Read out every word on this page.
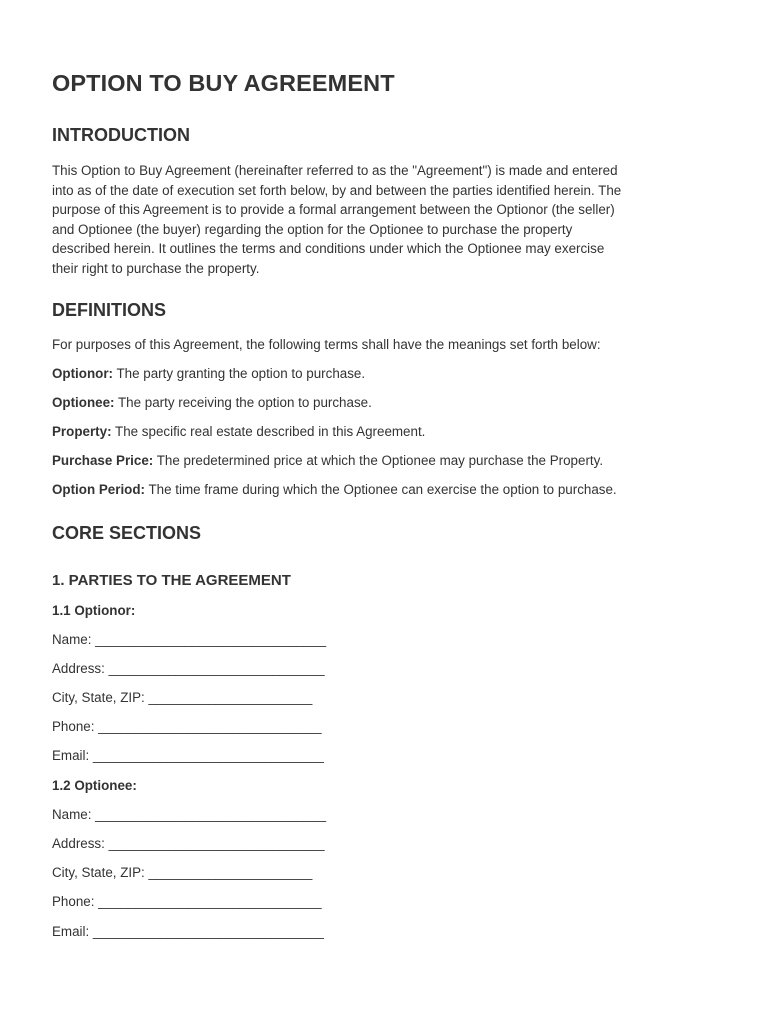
OPTION TO BUY AGREEMENT
INTRODUCTION
This Option to Buy Agreement (hereinafter referred to as the "Agreement") is made and entered
into as of the date of execution set forth below, by and between the parties identified herein. The
purpose of this Agreement is to provide a formal arrangement between the Optionor (the seller)
and Optionee (the buyer) regarding the option for the Optionee to purchase the property
described herein. It outlines the terms and conditions under which the Optionee may exercise
their right to purchase the property.
DEFINITIONS
For purposes of this Agreement, the following terms shall have the meanings set forth below:
Optionor: The party granting the option to purchase.
Optionee: The party receiving the option to purchase.
Property: The specific real estate described in this Agreement.
Purchase Price: The predetermined price at which the Optionee may purchase the Property.
Option Period: The time frame during which the Optionee can exercise the option to purchase.
CORE SECTIONS
1. PARTIES TO THE AGREEMENT
1.1 Optionor:
Name: _______________________________
Address: _____________________________
City, State, ZIP: ______________________
Phone: ______________________________
Email: _______________________________
1.2 Optionee:
Name: _______________________________
Address: _____________________________
City, State, ZIP: ______________________
Phone: ______________________________
Email: _______________________________
